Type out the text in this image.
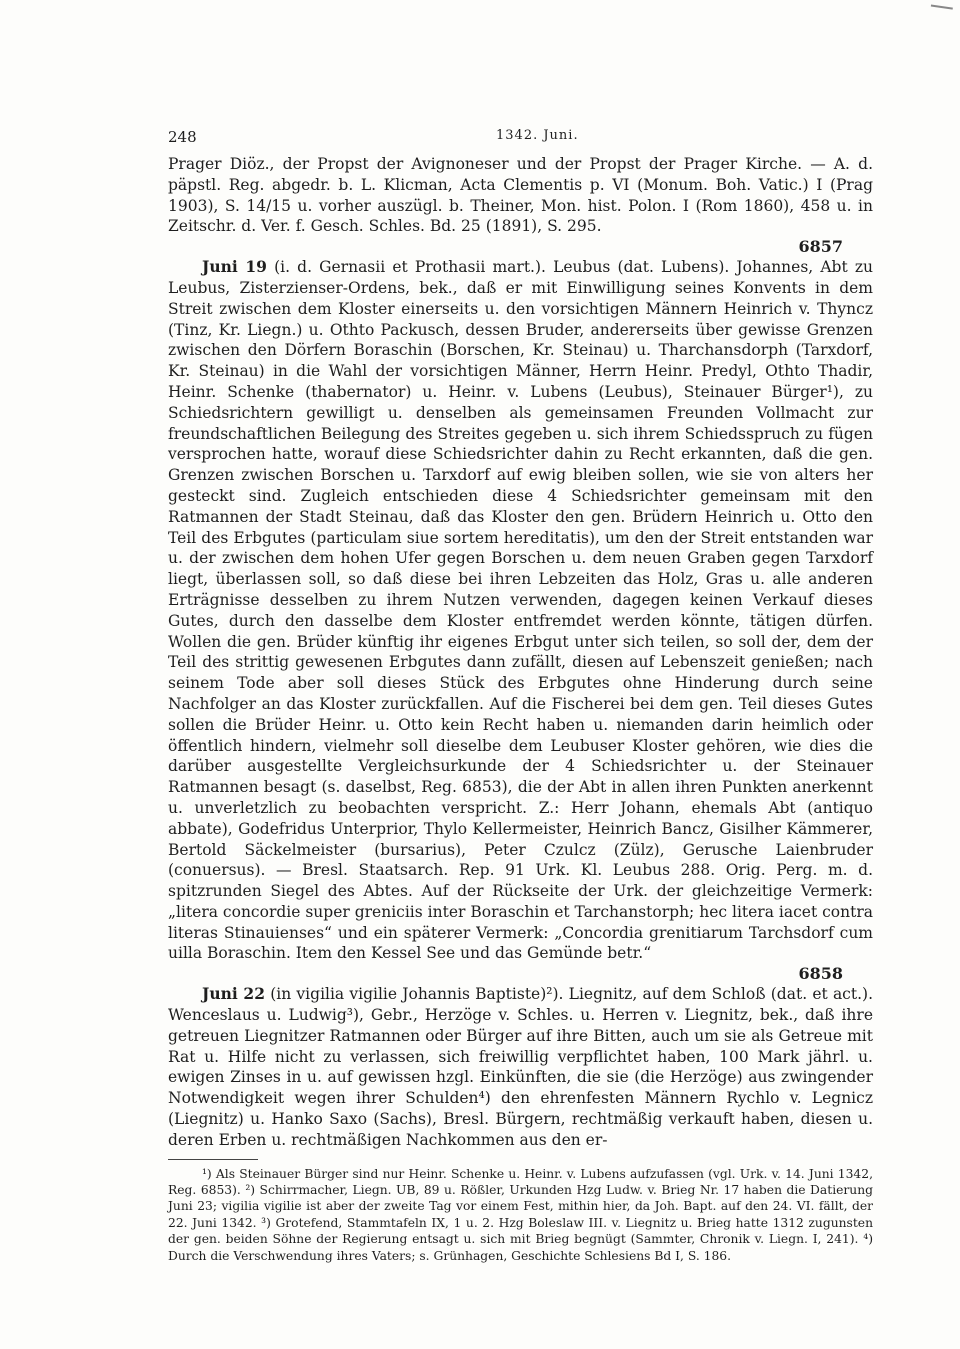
248	1342. Juni.

Prager Diöz., der Propst der Avignoneser und der Propst der Prager Kirche. — A. d. päpstl. Reg. abgedr. b. L. Klicman, Acta Clementis p. VI (Monum. Boh. Vatic.) I (Prag 1903), S. 14/15 u. vorher auszügl. b. Theiner, Mon. hist. Polon. I (Rom 1860), 458 u. in Zeitschr. d. Ver. f. Gesch. Schles. Bd. 25 (1891), S. 295.

6857

Juni 19 (i. d. Gernasii et Prothasii mart.). Leubus (dat. Lubens). Johannes, Abt zu Leubus, Zisterzienser-Ordens, bek., daß er mit Einwilligung seines Konvents in dem Streit zwischen dem Kloster einerseits u. den vorsichtigen Männern Heinrich v. Thyncz (Tinz, Kr. Liegn.) u. Othto Packusch, dessen Bruder, andererseits über gewisse Grenzen zwischen den Dörfern Boraschin (Borschen, Kr. Steinau) u. Tharchansdorph (Tarxdorf, Kr. Steinau) in die Wahl der vorsichtigen Männer, Herrn Heinr. Predyl, Othto Thadir, Heinr. Schenke (thabernator) u. Heinr. v. Lubens (Leubus), Steinauer Bürger¹), zu Schiedsrichtern gewilligt u. denselben als gemeinsamen Freunden Vollmacht zur freundschaftlichen Beilegung des Streites gegeben u. sich ihrem Schiedsspruch zu fügen versprochen hatte, worauf diese Schiedsrichter dahin zu Recht erkannten, daß die gen. Grenzen zwischen Borschen u. Tarxdorf auf ewig bleiben sollen, wie sie von alters her gesteckt sind. Zugleich entschieden diese 4 Schiedsrichter gemeinsam mit den Ratmannen der Stadt Steinau, daß das Kloster den gen. Brüdern Heinrich u. Otto den Teil des Erbgutes (particulam siue sortem hereditatis), um den der Streit entstanden war u. der zwischen dem hohen Ufer gegen Borschen u. dem neuen Graben gegen Tarxdorf liegt, überlassen soll, so daß diese bei ihren Lebzeiten das Holz, Gras u. alle anderen Erträgnisse desselben zu ihrem Nutzen verwenden, dagegen keinen Verkauf dieses Gutes, durch den dasselbe dem Kloster entfremdet werden könnte, tätigen dürfen. Wollen die gen. Brüder künftig ihr eigenes Erbgut unter sich teilen, so soll der, dem der Teil des strittig gewesenen Erbgutes dann zufällt, diesen auf Lebenszeit genießen; nach seinem Tode aber soll dieses Stück des Erbgutes ohne Hinderung durch seine Nachfolger an das Kloster zurückfallen. Auf die Fischerei bei dem gen. Teil dieses Gutes sollen die Brüder Heinr. u. Otto kein Recht haben u. niemanden darin heimlich oder öffentlich hindern, vielmehr soll dieselbe dem Leubuser Kloster gehören, wie dies die darüber ausgestellte Vergleichsurkunde der 4 Schiedsrichter u. der Steinauer Ratmannen besagt (s. daselbst, Reg. 6853), die der Abt in allen ihren Punkten anerkennt u. unverletzlich zu beobachten verspricht. Z.: Herr Johann, ehemals Abt (antiquo abbate), Godefridus Unterprior, Thylo Kellermeister, Heinrich Bancz, Gisilher Kämmerer, Bertold Säckelmeister (bursarius), Peter Czulcz (Zülz), Gerusche Laienbruder (conuersus). — Bresl. Staatsarch. Rep. 91 Urk. Kl. Leubus 288. Orig. Perg. m. d. spitzrunden Siegel des Abtes. Auf der Rückseite der Urk. der gleichzeitige Vermerk: „litera concordie super greniciis inter Boraschin et Tarchanstorph; hec litera iacet contra literas Stinauienses“ und ein späterer Vermerk: „Concordia grenitiarum Tarchsdorf cum uilla Boraschin. Item den Kessel See und das Gemünde betr.“

6858

Juni 22 (in vigilia vigilie Johannis Baptiste)²). Liegnitz, auf dem Schloß (dat. et act.). Wenceslaus u. Ludwig³), Gebr., Herzöge v. Schles. u. Herren v. Liegnitz, bek., daß ihre getreuen Liegnitzer Ratmannen oder Bürger auf ihre Bitten, auch um sie als Getreue mit Rat u. Hilfe nicht zu verlassen, sich freiwillig verpflichtet haben, 100 Mark jährl. u. ewigen Zinses in u. auf gewissen hzgl. Einkünften, die sie (die Herzöge) aus zwingender Notwendigkeit wegen ihrer Schulden⁴) den ehrenfesten Männern Rychlo v. Legnicz (Liegnitz) u. Hanko Saxo (Sachs), Bresl. Bürgern, rechtmäßig verkauft haben, diesen u. deren Erben u. rechtmäßigen Nachkommen aus den er-

¹) Als Steinauer Bürger sind nur Heinr. Schenke u. Heinr. v. Lubens aufzufassen (vgl. Urk. v. 14. Juni 1342, Reg. 6853). ²) Schirrmacher, Liegn. UB, 89 u. Rößler, Urkunden Hzg Ludw. v. Brieg Nr. 17 haben die Datierung Juni 23; vigilia vigilie ist aber der zweite Tag vor einem Fest, mithin hier, da Joh. Bapt. auf den 24. VI. fällt, der 22. Juni 1342. ³) Grotefend, Stammtafeln IX, 1 u. 2. Hzg Boleslaw III. v. Liegnitz u. Brieg hatte 1312 zugunsten der gen. beiden Söhne der Regierung entsagt u. sich mit Brieg begnügt (Sammter, Chronik v. Liegn. I, 241). ⁴) Durch die Verschwendung ihres Vaters; s. Grünhagen, Geschichte Schlesiens Bd I, S. 186.
